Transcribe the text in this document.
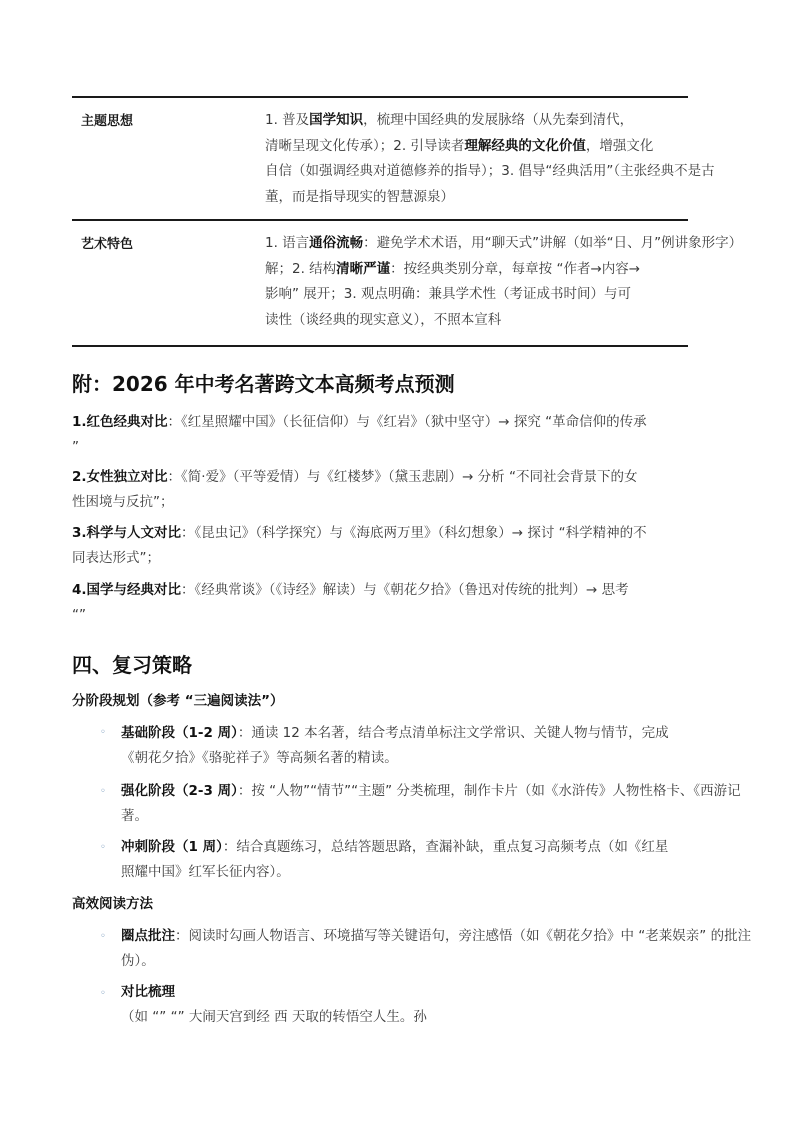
主题思想	1. 普及国学知识，梳理中国经典的发展脉络（从先秦到清代，
清晰呈现文化传承）；2. 引导读者理解经典的文化价值，增强文化
自信（如强调经典对道德修养的指导）；3. 倡导“经典活用”（主张经典不是古
董，而是指导现实的智慧源泉）
艺术特色	1. 语言通俗流畅：避免学术术语，用“聊天式”讲解（如举“日、月”例讲象形字）
解；2. 结构清晰严谨：按经典类别分章，每章按 “作者→内容→
影响” 展开；3. 观点明确：兼具学术性（考证成书时间）与可
读性（谈经典的现实意义），不照本宣科
附：2026 年中考名著跨文本高频考点预测
1.红色经典对比：《红星照耀中国》（长征信仰）与《红岩》（狱中坚守）→ 探究 “革命信仰的传承
”
2.女性独立对比：《简·爱》（平等爱情）与《红楼梦》（黛玉悲剧）→ 分析 “不同社会背景下的女
性困境与反抗”；
3.科学与人文对比：《昆虫记》（科学探究）与《海底两万里》（科幻想象）→ 探讨 “科学精神的不
同表达形式”；
4.国学与经典对比：《经典常谈》（《诗经》解读）与《朝花夕拾》（鲁迅对传统的批判）→ 思考
“”
四、复习策略
分阶段规划（参考 “三遍阅读法”）
◦ 基础阶段（1-2 周）：通读 12 本名著，结合考点清单标注文学常识、关键人物与情节，完成
《朝花夕拾》《骆驼祥子》等高频名著的精读。
◦ 强化阶段（2-3 周）：按 “人物”“情节”“主题” 分类梳理，制作卡片（如《水浒传》人物性格卡、《西游记
著。
◦ 冲刺阶段（1 周）：结合真题练习，总结答题思路，查漏补缺，重点复习高频考点（如《红星
照耀中国》红军长征内容）。
高效阅读方法
◦ 圈点批注：阅读时勾画人物语言、环境描写等关键语句，旁注感悟（如《朝花夕拾》中 “老莱娱亲” 的批注
伪）。
◦ 对比梳理
（如 “” “” 大闹天宫到经 西 天取的转悟空人生。孙
